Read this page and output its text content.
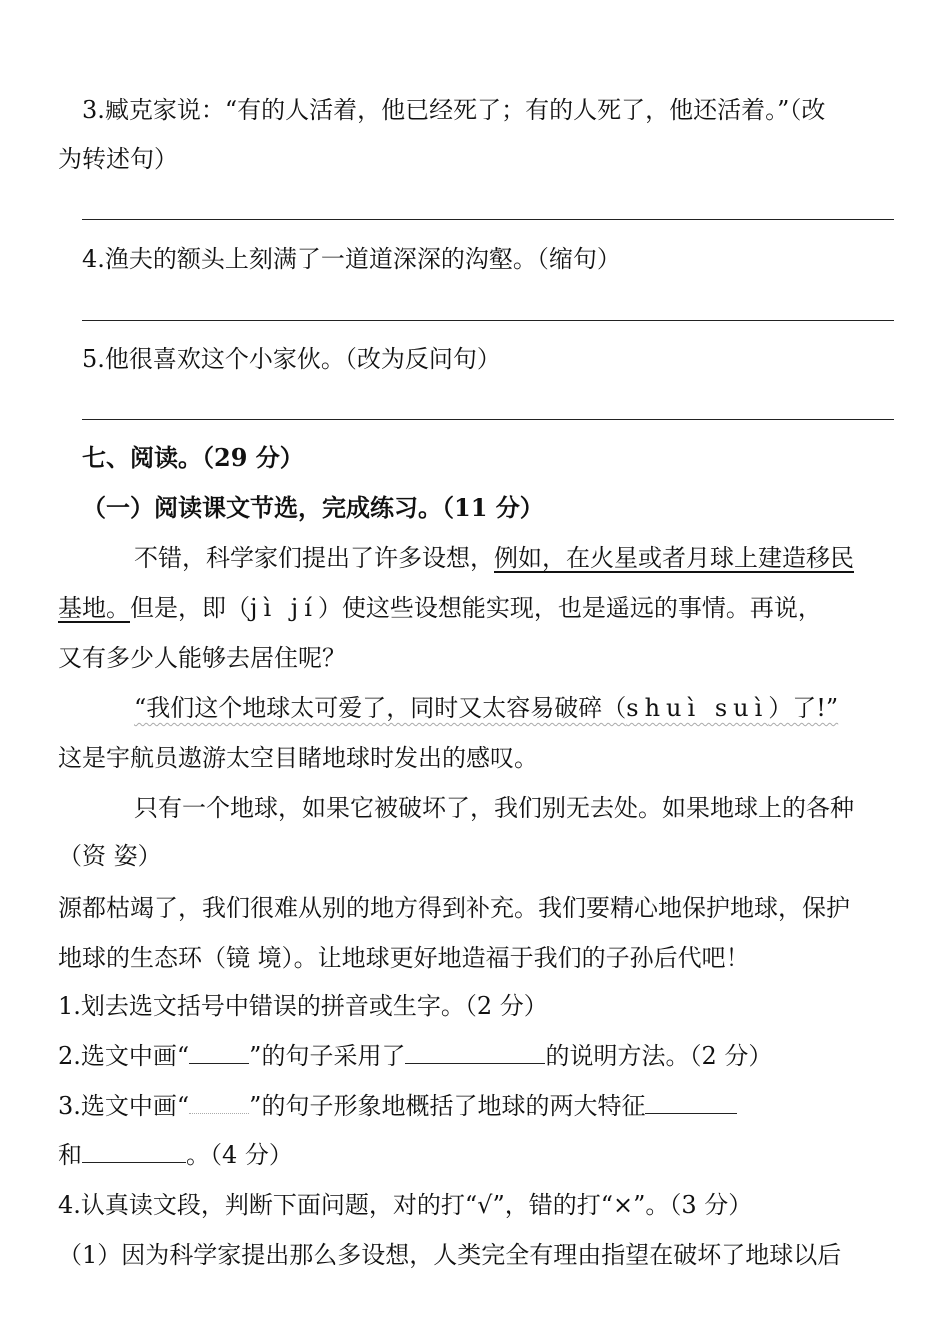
3.臧克家说：“有的人活着，他已经死了；有的人死了，他还活着。”（改
为转述句）
4.渔夫的额头上刻满了一道道深深的沟壑。（缩句）
5.他很喜欢这个小家伙。（改为反问句）
七、阅读。（29 分）
（一）阅读课文节选，完成练习。（11 分）
不错，科学家们提出了许多设想，例如，在火星或者月球上建造移民
基地。但是，即（jì jí）使这些设想能实现，也是遥远的事情。再说，
又有多少人能够去居住呢？
“我们这个地球太可爱了，同时又太容易破碎（shuì suì）了!”
这是宇航员遨游太空目睹地球时发出的感叹。
只有一个地球，如果它被破坏了，我们别无去处。如果地球上的各种
（资 姿）
源都枯竭了，我们很难从别的地方得到补充。我们要精心地保护地球，保护
地球的生态环（镜 境）。让地球更好地造福于我们的子孙后代吧！
1.划去选文括号中错误的拼音或生字。（2 分）
2.选文中画“	”的句子采用了	的说明方法。（2 分）
3.选文中画“	”的句子形象地概括了地球的两大特征
和	。（4 分）
4.认真读文段，判断下面问题，对的打“√”，错的打“×”。（3 分）
（1）因为科学家提出那么多设想，人类完全有理由指望在破坏了地球以后
